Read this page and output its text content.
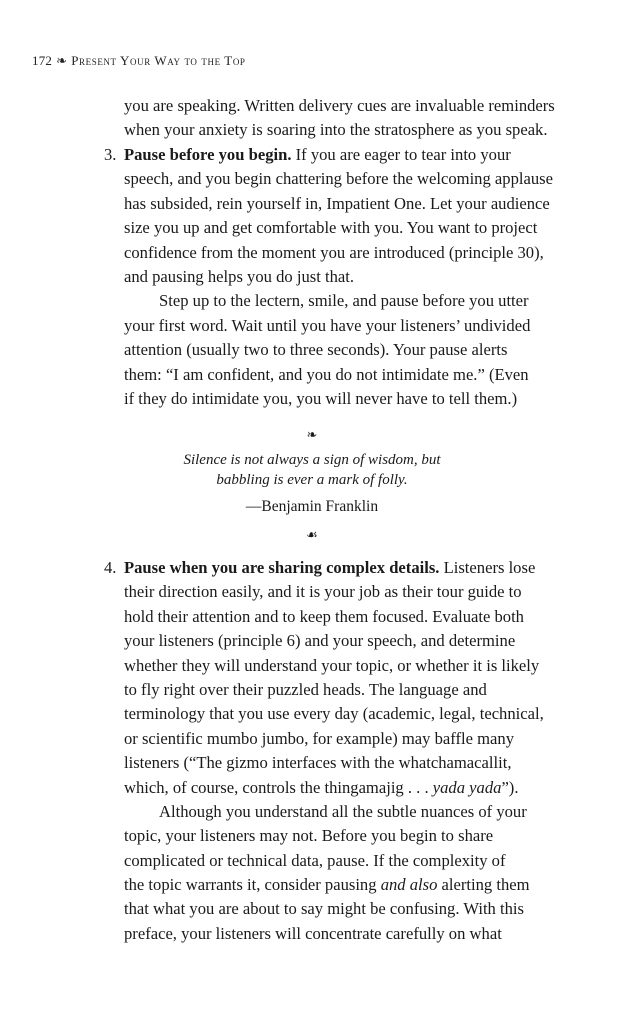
172 ❧ Present Your Way to the Top
you are speaking. Written delivery cues are invaluable reminders
when your anxiety is soaring into the stratosphere as you speak.
3. Pause before you begin. If you are eager to tear into your
speech, and you begin chattering before the welcoming applause
has subsided, rein yourself in, Impatient One. Let your audience
size you up and get comfortable with you. You want to project
confidence from the moment you are introduced (principle 30),
and pausing helps you do just that.
Step up to the lectern, smile, and pause before you utter
your first word. Wait until you have your listeners’ undivided
attention (usually two to three seconds). Your pause alerts
them: “I am confident, and you do not intimidate me.” (Even
if they do intimidate you, you will never have to tell them.)
❧
Silence is not always a sign of wisdom, but
babbling is ever a mark of folly.
—Benjamin Franklin
☙
4. Pause when you are sharing complex details. Listeners lose
their direction easily, and it is your job as their tour guide to
hold their attention and to keep them focused. Evaluate both
your listeners (principle 6) and your speech, and determine
whether they will understand your topic, or whether it is likely
to fly right over their puzzled heads. The language and
terminology that you use every day (academic, legal, technical,
or scientific mumbo jumbo, for example) may baffle many
listeners (“The gizmo interfaces with the whatchamacallit,
which, of course, controls the thingamajig . . . yada yada”).
Although you understand all the subtle nuances of your
topic, your listeners may not. Before you begin to share
complicated or technical data, pause. If the complexity of
the topic warrants it, consider pausing and also alerting them
that what you are about to say might be confusing. With this
preface, your listeners will concentrate carefully on what
